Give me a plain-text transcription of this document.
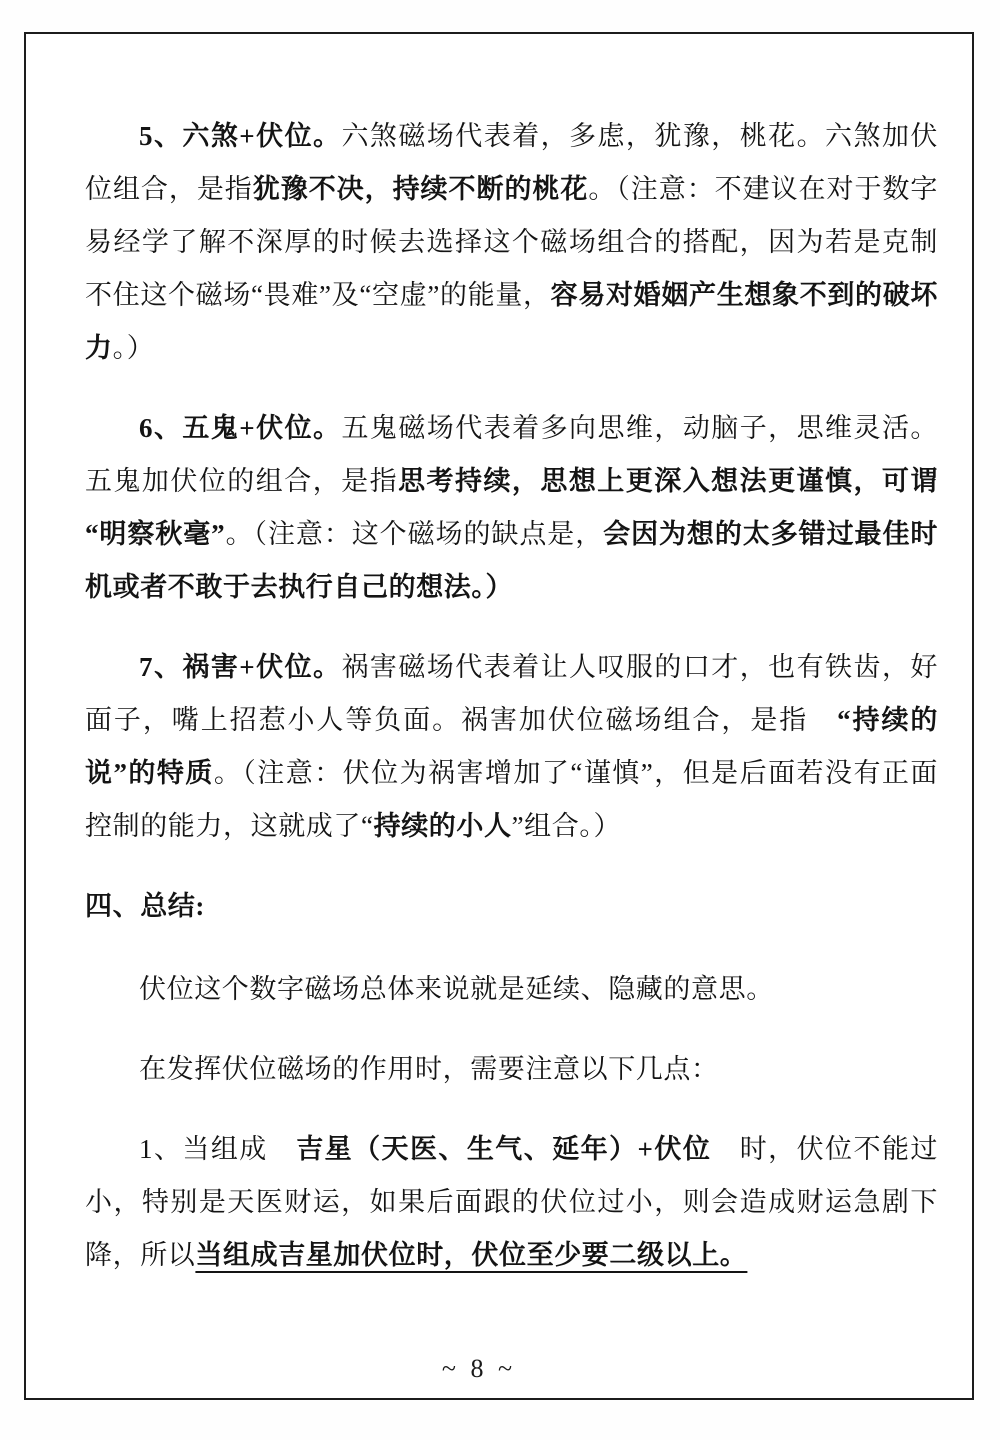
5、六煞+伏位。六煞磁场代表着，多虑，犹豫，桃花。六煞加伏位组合，是指犹豫不决，持续不断的桃花。（注意：不建议在对于数字易经学了解不深厚的时候去选择这个磁场组合的搭配，因为若是克制不住这个磁场“畏难”及“空虚”的能量，容易对婚姻产生想象不到的破坏力。）

6、五鬼+伏位。五鬼磁场代表着多向思维，动脑子，思维灵活。五鬼加伏位的组合，是指思考持续，思想上更深入想法更谨慎，可谓“明察秋毫”。（注意：这个磁场的缺点是，会因为想的太多错过最佳时机或者不敢于去执行自己的想法。）

7、祸害+伏位。祸害磁场代表着让人叹服的口才，也有铁齿，好面子，嘴上招惹小人等负面。祸害加伏位磁场组合，是指　“持续的说”的特质。（注意：伏位为祸害增加了“谨慎”，但是后面若没有正面控制的能力，这就成了“持续的小人”组合。）

四、总结:

伏位这个数字磁场总体来说就是延续、隐藏的意思。

在发挥伏位磁场的作用时，需要注意以下几点：

1、当组成　吉星（天医、生气、延年）+伏位　时，伏位不能过小，特别是天医财运，如果后面跟的伏位过小，则会造成财运急剧下降，所以当组成吉星加伏位时，伏位至少要二级以上。

~ 8 ~
